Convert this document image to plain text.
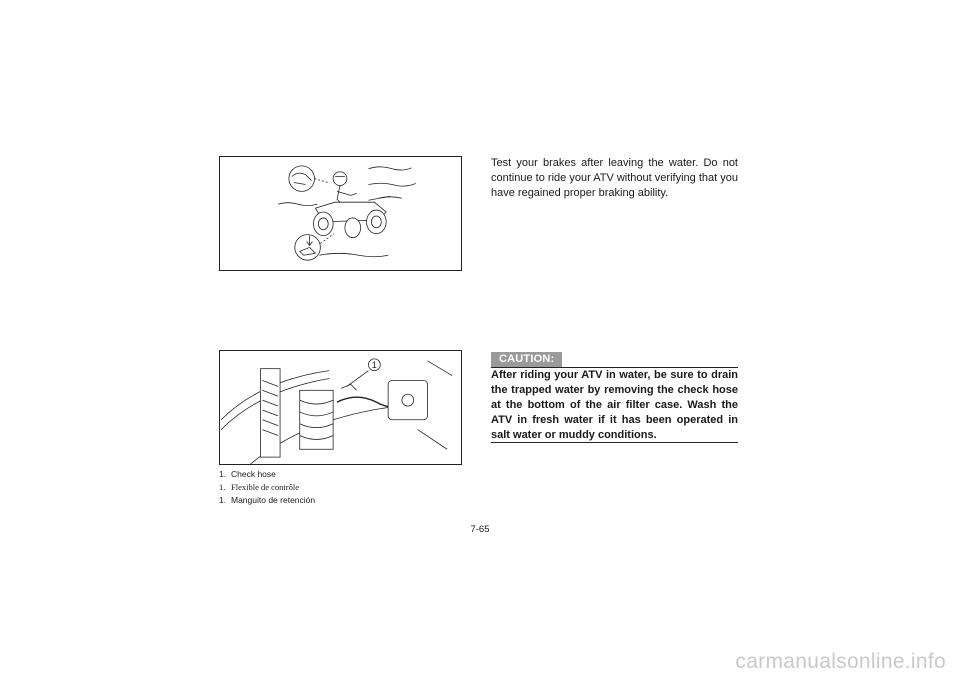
1
1. Check hose
1. Flexible de contrôle
1. Manguito de retención

Test your brakes after leaving the water. Do not continue to ride your ATV without verifying that you have regained proper braking ability.

CAUTION:

After riding your ATV in water, be sure to drain the trapped water by removing the check hose at the bottom of the air filter case. Wash the ATV in fresh water if it has been operated in salt water or muddy conditions.

7-65
carmanualsonline.info
